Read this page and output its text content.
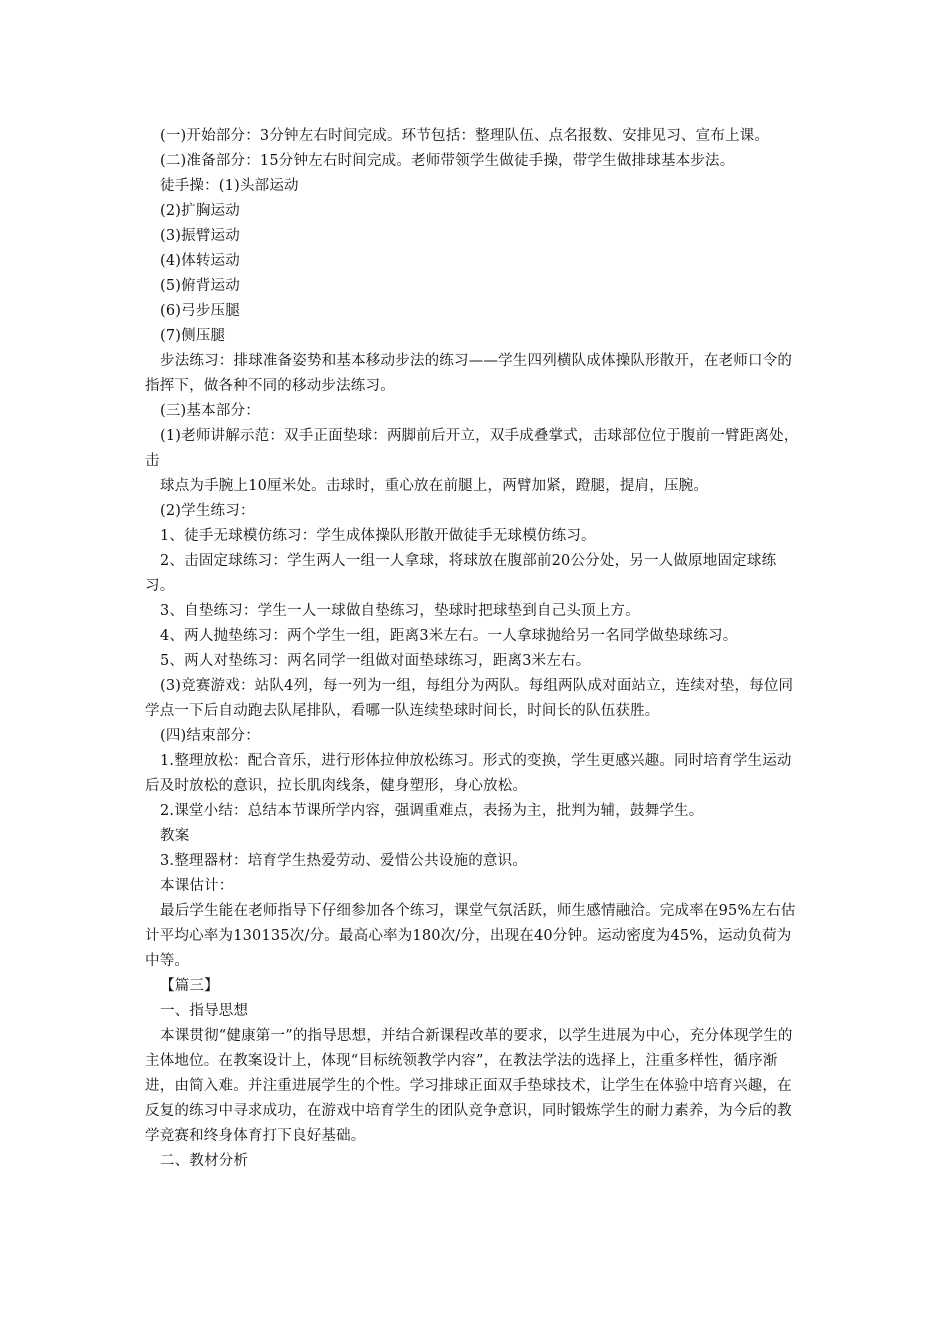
(一)开始部分：3分钟左右时间完成。环节包括：整理队伍、点名报数、安排见习、宣布上课。

(二)准备部分：15分钟左右时间完成。老师带领学生做徒手操，带学生做排球基本步法。

徒手操：(1)头部运动

(2)扩胸运动

(3)振臂运动

(4)体转运动

(5)俯背运动

(6)弓步压腿

(7)侧压腿

步法练习：排球准备姿势和基本移动步法的练习——学生四列横队成体操队形散开，在老师口令的指挥下，做各种不同的移动步法练习。

(三)基本部分：

(1)老师讲解示范：双手正面垫球：两脚前后开立，双手成叠掌式，击球部位位于腹前一臂距离处，击

球点为手腕上10厘米处。击球时，重心放在前腿上，两臂加紧，蹬腿，提肩，压腕。

(2)学生练习：

1、徒手无球模仿练习：学生成体操队形散开做徒手无球模仿练习。

2、击固定球练习：学生两人一组一人拿球，将球放在腹部前20公分处，另一人做原地固定球练习。

3、自垫练习：学生一人一球做自垫练习，垫球时把球垫到自己头顶上方。

4、两人抛垫练习：两个学生一组，距离3米左右。一人拿球抛给另一名同学做垫球练习。

5、两人对垫练习：两名同学一组做对面垫球练习，距离3米左右。

(3)竞赛游戏：站队4列，每一列为一组，每组分为两队。每组两队成对面站立，连续对垫，每位同学点一下后自动跑去队尾排队，看哪一队连续垫球时间长，时间长的队伍获胜。

(四)结束部分：

1.整理放松：配合音乐，进行形体拉伸放松练习。形式的变换，学生更感兴趣。同时培育学生运动后及时放松的意识，拉长肌肉线条，健身塑形，身心放松。

2.课堂小结：总结本节课所学内容，强调重难点，表扬为主，批判为辅，鼓舞学生。

教案

3.整理器材：培育学生热爱劳动、爱惜公共设施的意识。

本课估计：

最后学生能在老师指导下仔细参加各个练习，课堂气氛活跃，师生感情融洽。完成率在95%左右估计平均心率为130135次/分。最高心率为180次/分，出现在40分钟。运动密度为45%，运动负荷为中等。

【篇三】

一、指导思想

本课贯彻“健康第一”的指导思想，并结合新课程改革的要求，以学生进展为中心，充分体现学生的主体地位。在教案设计上，体现“目标统领教学内容”，在教法学法的选择上，注重多样性，循序渐进，由简入难。并注重进展学生的个性。学习排球正面双手垫球技术，让学生在体验中培育兴趣，在反复的练习中寻求成功，在游戏中培育学生的团队竞争意识，同时锻炼学生的耐力素养，为今后的教学竞赛和终身体育打下良好基础。

二、教材分析
